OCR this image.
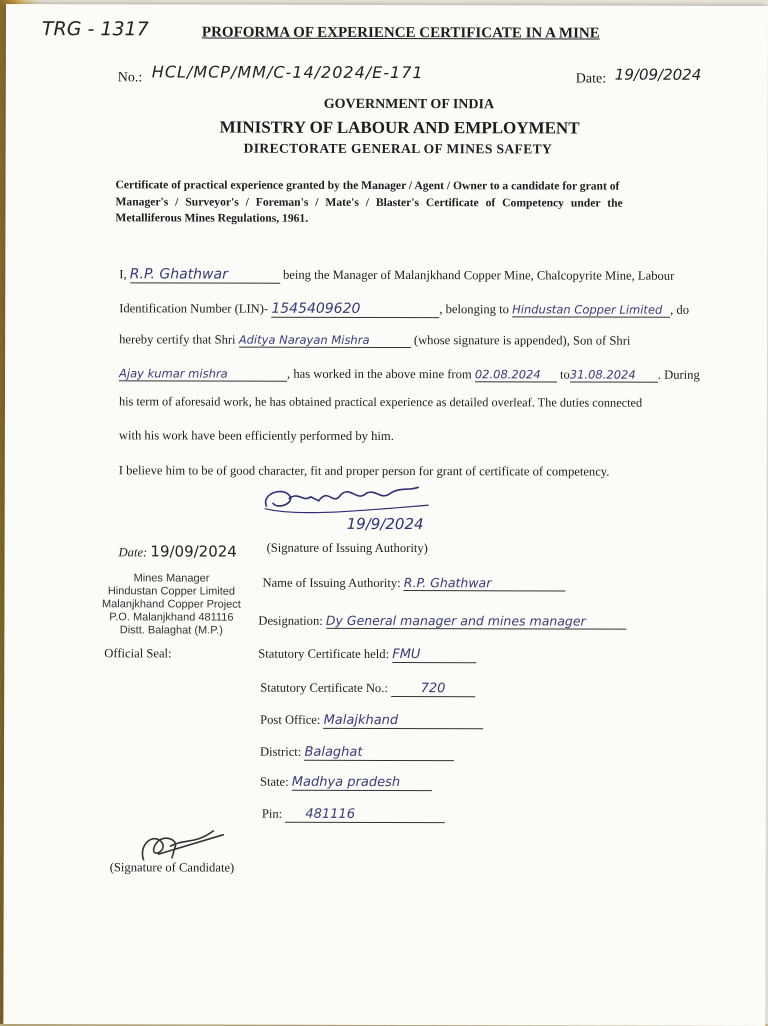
TRG - 1317	PROFORMA OF EXPERIENCE CERTIFICATE IN A MINE
No.: HCL/MCP/MM/C-14/2024/E-171	Date: 19/09/2024
GOVERNMENT OF INDIA
MINISTRY OF LABOUR AND EMPLOYMENT
DIRECTORATE GENERAL OF MINES SAFETY
Certificate of practical experience granted by the Manager / Agent / Owner to a candidate for grant of
Manager's / Surveyor's / Foreman's / Mate's / Blaster's Certificate of Competency under the
Metalliferous Mines Regulations, 1961.
I, R.P. Ghathwar	being the Manager of Malanjkhand Copper Mine, Chalcopyrite Mine, Labour
Identification Number (LIN)- 1545409620	, belonging to Hindustan Copper Limited , do
hereby certify that Shri Aditya Narayan Mishra	(whose signature is appended), Son of Shri
Ajay kumar mishra	, has worked in the above mine from 02.08.2024 to31.08.2024 . During
his term of aforesaid work, he has obtained practical experience as detailed overleaf. The duties connected
with his work have been efficiently performed by him.
I believe him to be of good character, fit and proper person for grant of certificate of competency.
19/9/2024
Date: 19/09/2024 (Signature of Issuing Authority)
Mines Manager
Hindustan Copper Limited
Malanjkhand Copper Project
P.O. Malanjkhand 481116
Distt. Balaghat (M.P.)
Official Seal:
Name of Issuing Authority: R.P. Ghathwar
Designation: Dy General manager and mines manager
Statutory Certificate held: FMU
Statutory Certificate No.:	720
Post Office: Malajkhand
District: Balaghat
State: Madhya pradesh
Pin: 481116
(Signature of Candidate)
